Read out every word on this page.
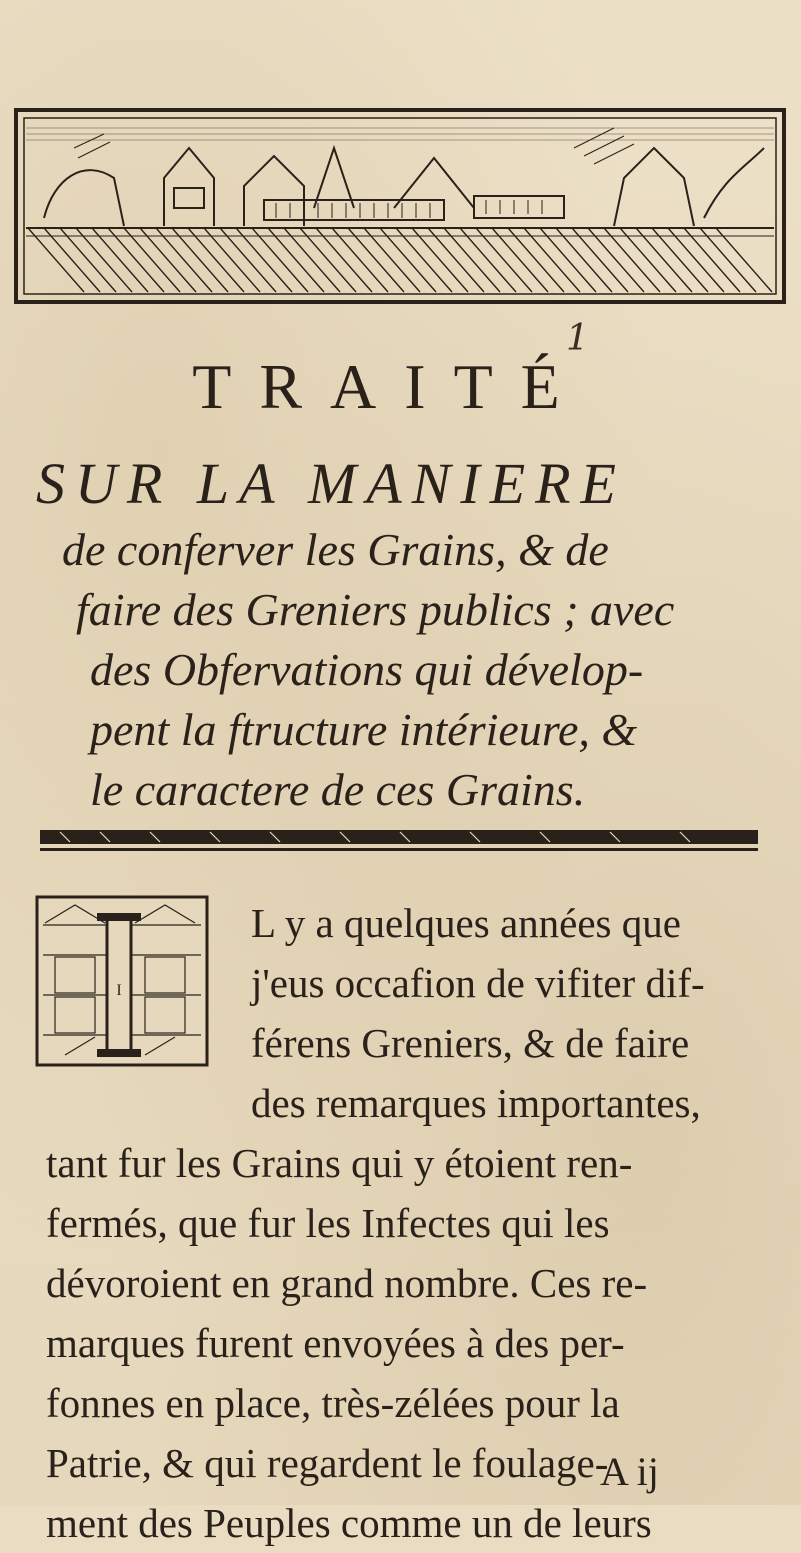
1
TRAITÉ
SUR LA MANIERE
de conferver les Grains, & de
faire des Greniers publics ; avec
des Obfervations qui dévelop-
pent la ftructure intérieure, &
le caractere de ces Grains.
I
L y a quelques années que
j'eus occafion de vifiter dif-
férens Greniers, & de faire
des remarques importantes,
tant fur les Grains qui y étoient ren-
fermés, que fur les Infectes qui les
dévoroient en grand nombre. Ces re-
marques furent envoyées à des per-
fonnes en place, très-zélées pour la
Patrie, & qui regardent le foulage-
ment des Peuples comme un de leurs
A ij
